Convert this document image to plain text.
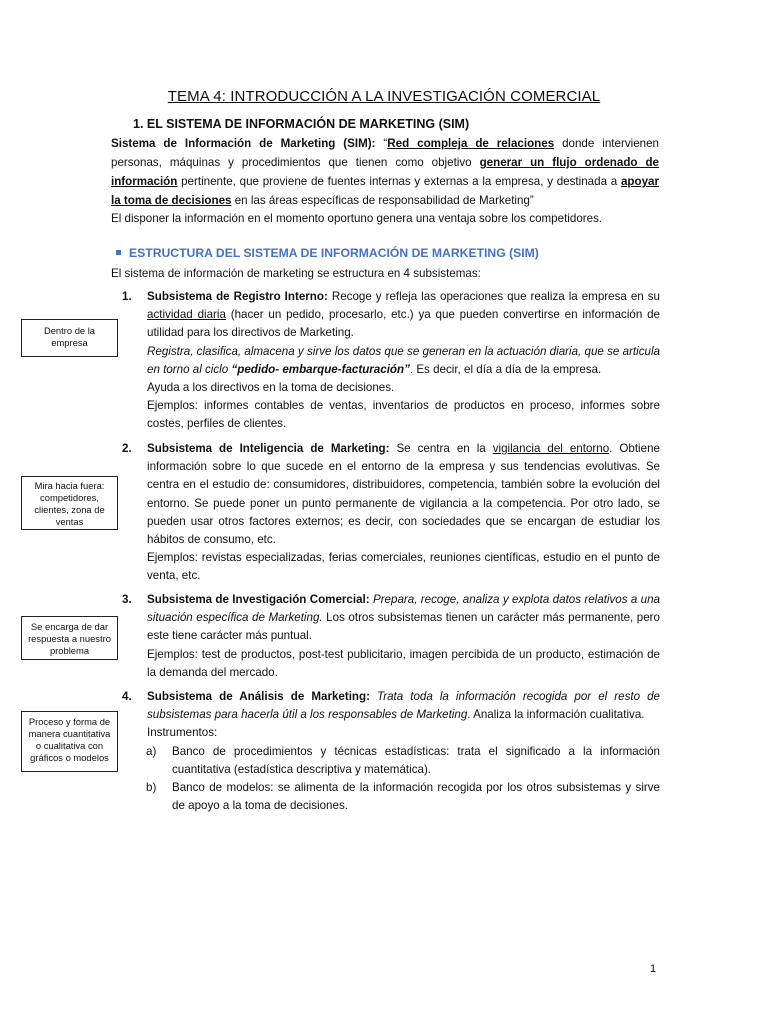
TEMA 4: INTRODUCCIÓN A LA INVESTIGACIÓN COMERCIAL
1. EL SISTEMA DE INFORMACIÓN DE MARKETING (SIM)
Sistema de Información de Marketing (SIM): “Red compleja de relaciones donde intervienen personas, máquinas y procedimientos que tienen como objetivo generar un flujo ordenado de información pertinente, que proviene de fuentes internas y externas a la empresa, y destinada a apoyar la toma de decisiones en las áreas específicas de responsabilidad de Marketing”
El disponer la información en el momento oportuno genera una ventaja sobre los competidores.
ESTRUCTURA DEL SISTEMA DE INFORMACIÓN DE MARKETING (SIM)
El sistema de información de marketing se estructura en 4 subsistemas:
1. Subsistema de Registro Interno: Recoge y refleja las operaciones que realiza la empresa en su actividad diaria (hacer un pedido, procesarlo, etc.) ya que pueden convertirse en información de utilidad para los directivos de Marketing.

Registra, clasifica, almacena y sirve los datos que se generan en la actuación diaria, que se articula en torno al ciclo “pedido- embarque-facturación”. Es decir, el día a día de la empresa.

Ayuda a los directivos en la toma de decisiones.

Ejemplos: informes contables de ventas, inventarios de productos en proceso, informes sobre costes, perfiles de clientes.

2. Subsistema de Inteligencia de Marketing: Se centra en la vigilancia del entorno. Obtiene información sobre lo que sucede en el entorno de la empresa y sus tendencias evolutivas. Se centra en el estudio de: consumidores, distribuidores, competencia, también sobre la evolución del entorno. Se puede poner un punto permanente de vigilancia a la competencia. Por otro lado, se pueden usar otros factores externos; es decir, con sociedades que se encargan de estudiar los hábitos de consumo, etc.

Ejemplos: revistas especializadas, ferias comerciales, reuniones científicas, estudio en el punto de venta, etc.

3. Subsistema de Investigación Comercial: Prepara, recoge, analiza y explota datos relativos a una situación específica de Marketing. Los otros subsistemas tienen un carácter más permanente, pero este tiene carácter más puntual.

Ejemplos: test de productos, post-test publicitario, imagen percibida de un producto, estimación de la demanda del mercado.

4. Subsistema de Análisis de Marketing: Trata toda la información recogida por el resto de subsistemas para hacerla útil a los responsables de Marketing. Analiza la información cualitativa.

Instrumentos:

a) Banco de procedimientos y técnicas estadísticas: trata el significado a la información cuantitativa (estadística descriptiva y matemática).

b) Banco de modelos: se alimenta de la información recogida por los otros subsistemas y sirve de apoyo a la toma de decisiones.

Dentro de la empresa
Mira hacia fuera: competidores, clientes, zona de ventas
Se encarga de dar respuesta a nuestro problema
Proceso y forma de manera cuantitativa o cualitativa con gráficos o modelos
1
